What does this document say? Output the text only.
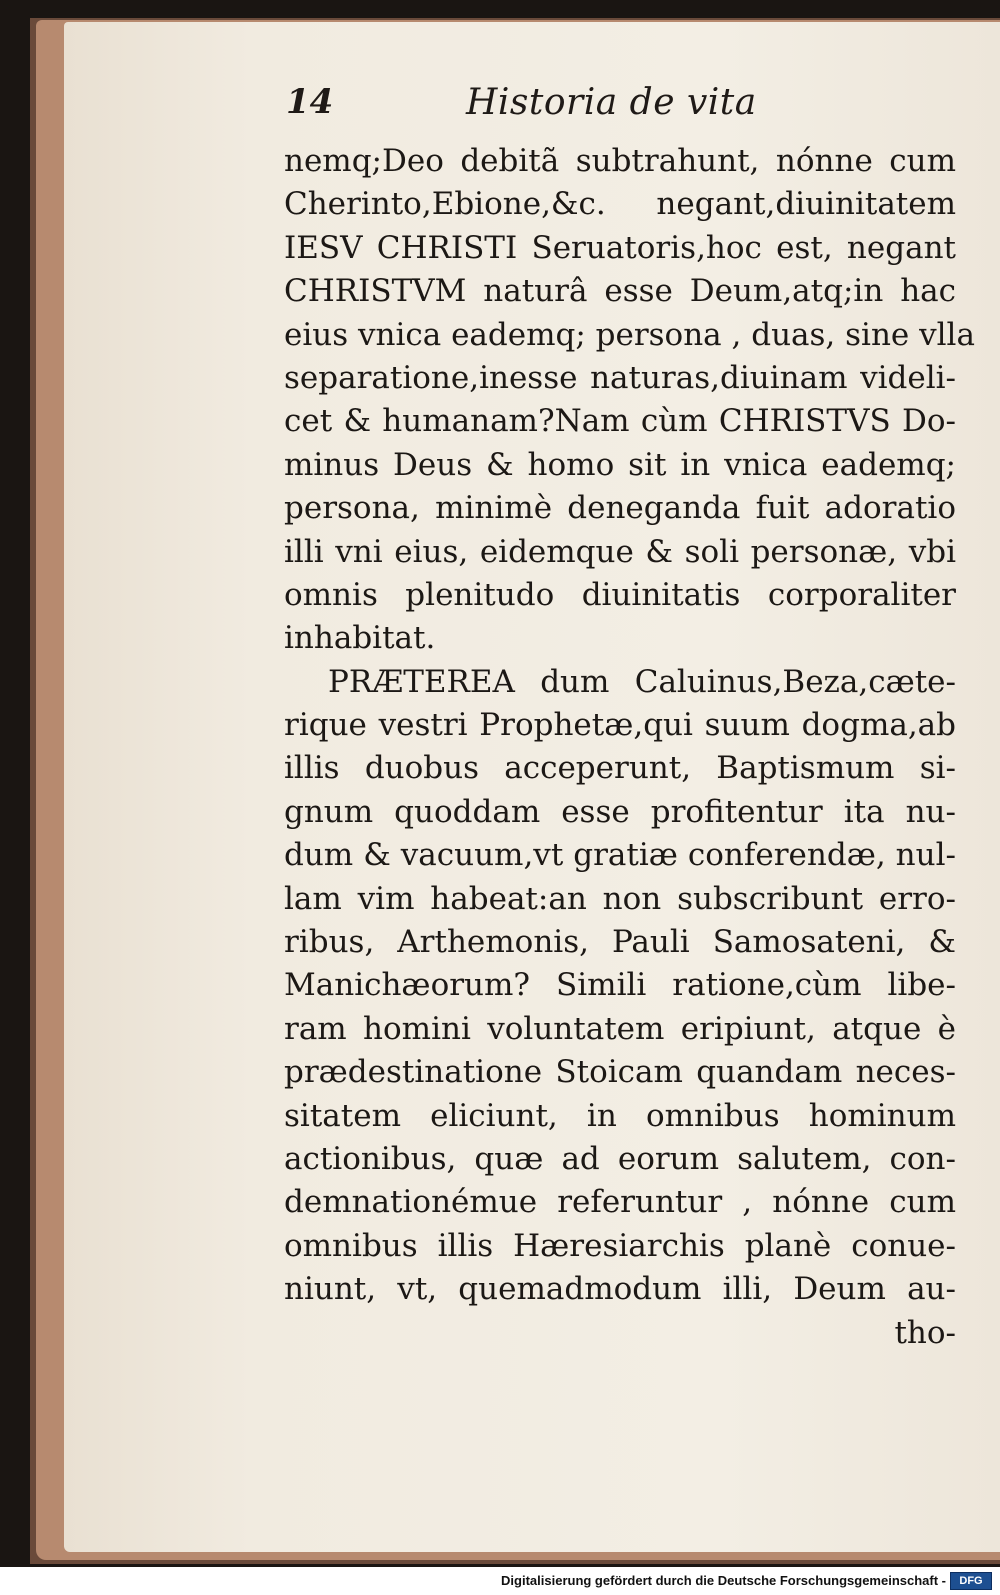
14	Historia de vita
nemq;Deo debitã subtrahunt, nónne cum
Cherinto,Ebione,&c. negant,diuinitatem
IESV CHRISTI Seruatoris,hoc est, negant
CHRISTVM naturâ esse Deum,atq;in hac
eius vnica eademq; persona , duas, sine vlla
separatione,inesse naturas,diuinam videli-
cet & humanam?Nam cùm CHRISTVS Do-
minus Deus & homo sit in vnica eademq;
persona, minimè deneganda fuit adoratio
illi vni eius, eidemque & soli personæ, vbi
omnis plenitudo diuinitatis corporaliter
inhabitat.
PRÆTEREA dum Caluinus,Beza,cæte-
rique vestri Prophetæ,qui suum dogma,ab
illis duobus acceperunt, Baptismum si-
gnum quoddam esse profitentur ita nu-
dum & vacuum,vt gratiæ conferendæ, nul-
lam vim habeat:an non subscribunt erro-
ribus, Arthemonis, Pauli Samosateni, &
Manichæorum? Simili ratione,cùm libe-
ram homini voluntatem eripiunt, atque è
prædestinatione Stoicam quandam neces-
sitatem eliciunt, in omnibus hominum
actionibus, quæ ad eorum salutem, con-
demnationémue referuntur , nónne cum
omnibus illis Hæresiarchis planè conue-
niunt, vt, quemadmodum illi, Deum au-
tho-
Digitalisierung gefördert durch die Deutsche Forschungsgemeinschaft -	DFG
